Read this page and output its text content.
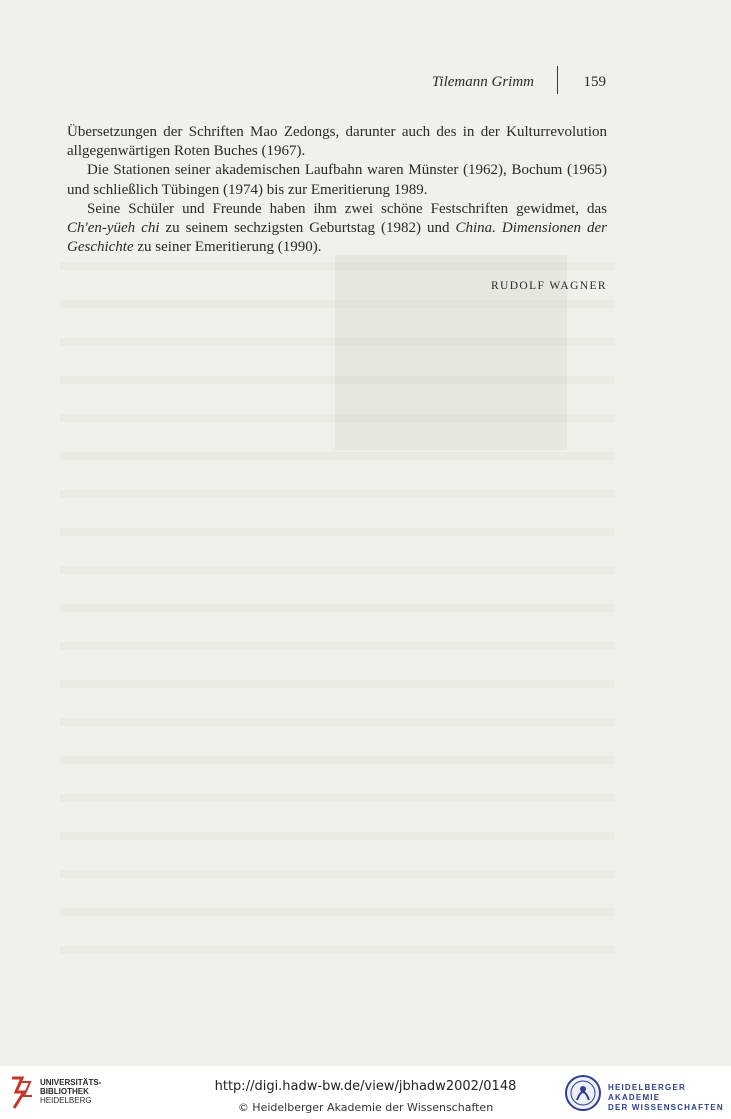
Tilemann Grimm	159

Übersetzungen der Schriften Mao Zedongs, darunter auch des in der Kulturrevolution allgegenwärtigen Roten Buches (1967).

Die Stationen seiner akademischen Laufbahn waren Münster (1962), Bochum (1965) und schließlich Tübingen (1974) bis zur Emeritierung 1989.

Seine Schüler und Freunde haben ihm zwei schöne Festschriften gewidmet, das Ch'en-yüeh chi zu seinem sechzigsten Geburtstag (1982) und China. Dimensionen der Geschichte zu seiner Emeritierung (1990).

RUDOLF WAGNER
UNIVERSITÄTS-
BIBLIOTHEK
HEIDELBERG
http://digi.hadw-bw.de/view/jbhadw2002/0148
© Heidelberger Akademie der Wissenschaften
HEIDELBERGER AKADEMIE
DER WISSENSCHAFTEN
